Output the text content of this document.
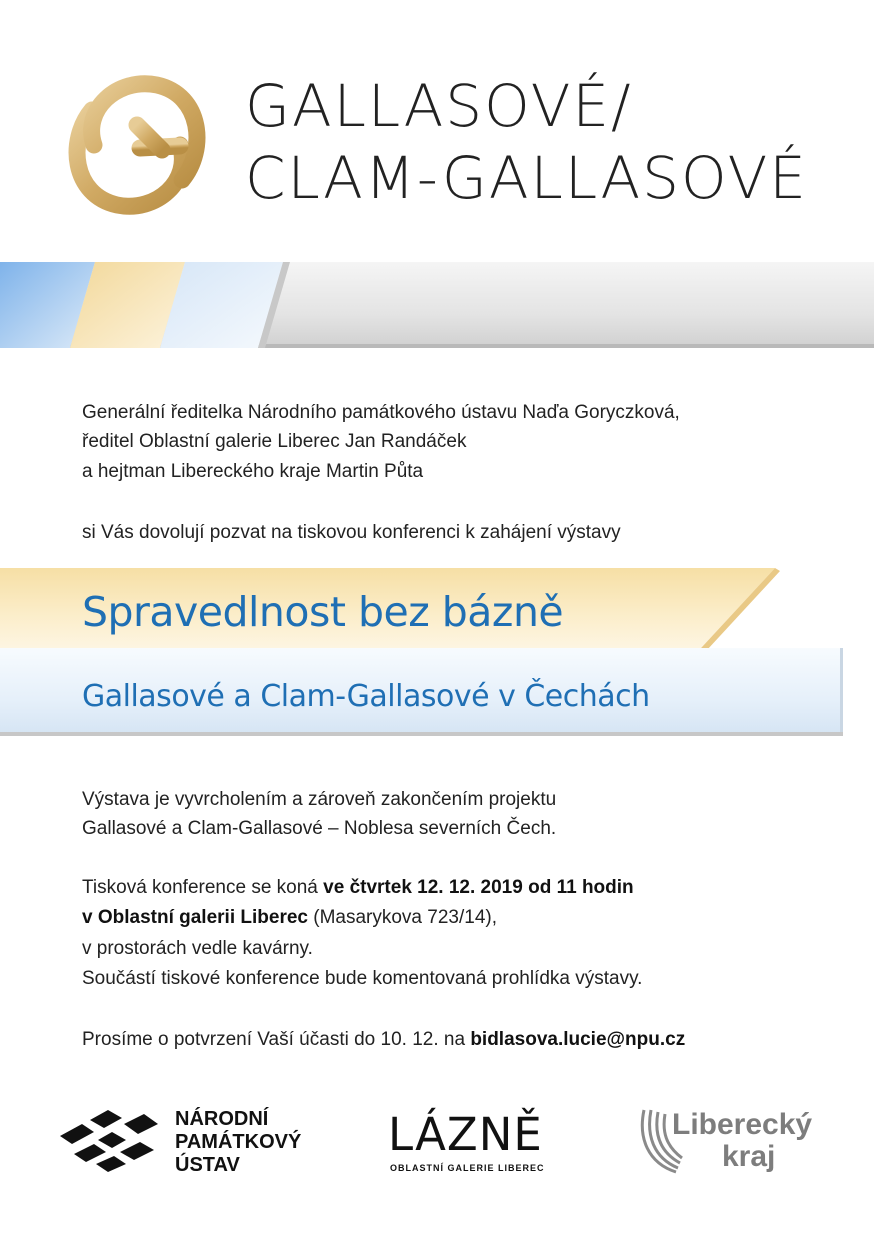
GALLASOVÉ/
CLAM-GALLASOVÉ
Generální ředitelka Národního památkového ústavu Naďa Goryczková,
ředitel Oblastní galerie Liberec Jan Randáček
a hejtman Libereckého kraje Martin Půta
si Vás dovolují pozvat na tiskovou konferenci k zahájení výstavy
Spravedlnost bez bázně
Gallasové a Clam-Gallasové v Čechách
Výstava je vyvrcholením a zároveň zakončením projektu
Gallasové a Clam-Gallasové – Noblesa severních Čech.
Tisková konference se koná ve čtvrtek 12. 12. 2019 od 11 hodin
v Oblastní galerii Liberec (Masarykova 723/14),
v prostorách vedle kavárny.
Součástí tiskové konference bude komentovaná prohlídka výstavy.
Prosíme o potvrzení Vaší účasti do 10. 12. na bidlasova.lucie@npu.cz
NÁRODNÍ
PAMÁTKOVÝ
ÚSTAV
LÁZNĚ
OBLASTNÍ GALERIE LIBEREC
Liberecký
kraj
